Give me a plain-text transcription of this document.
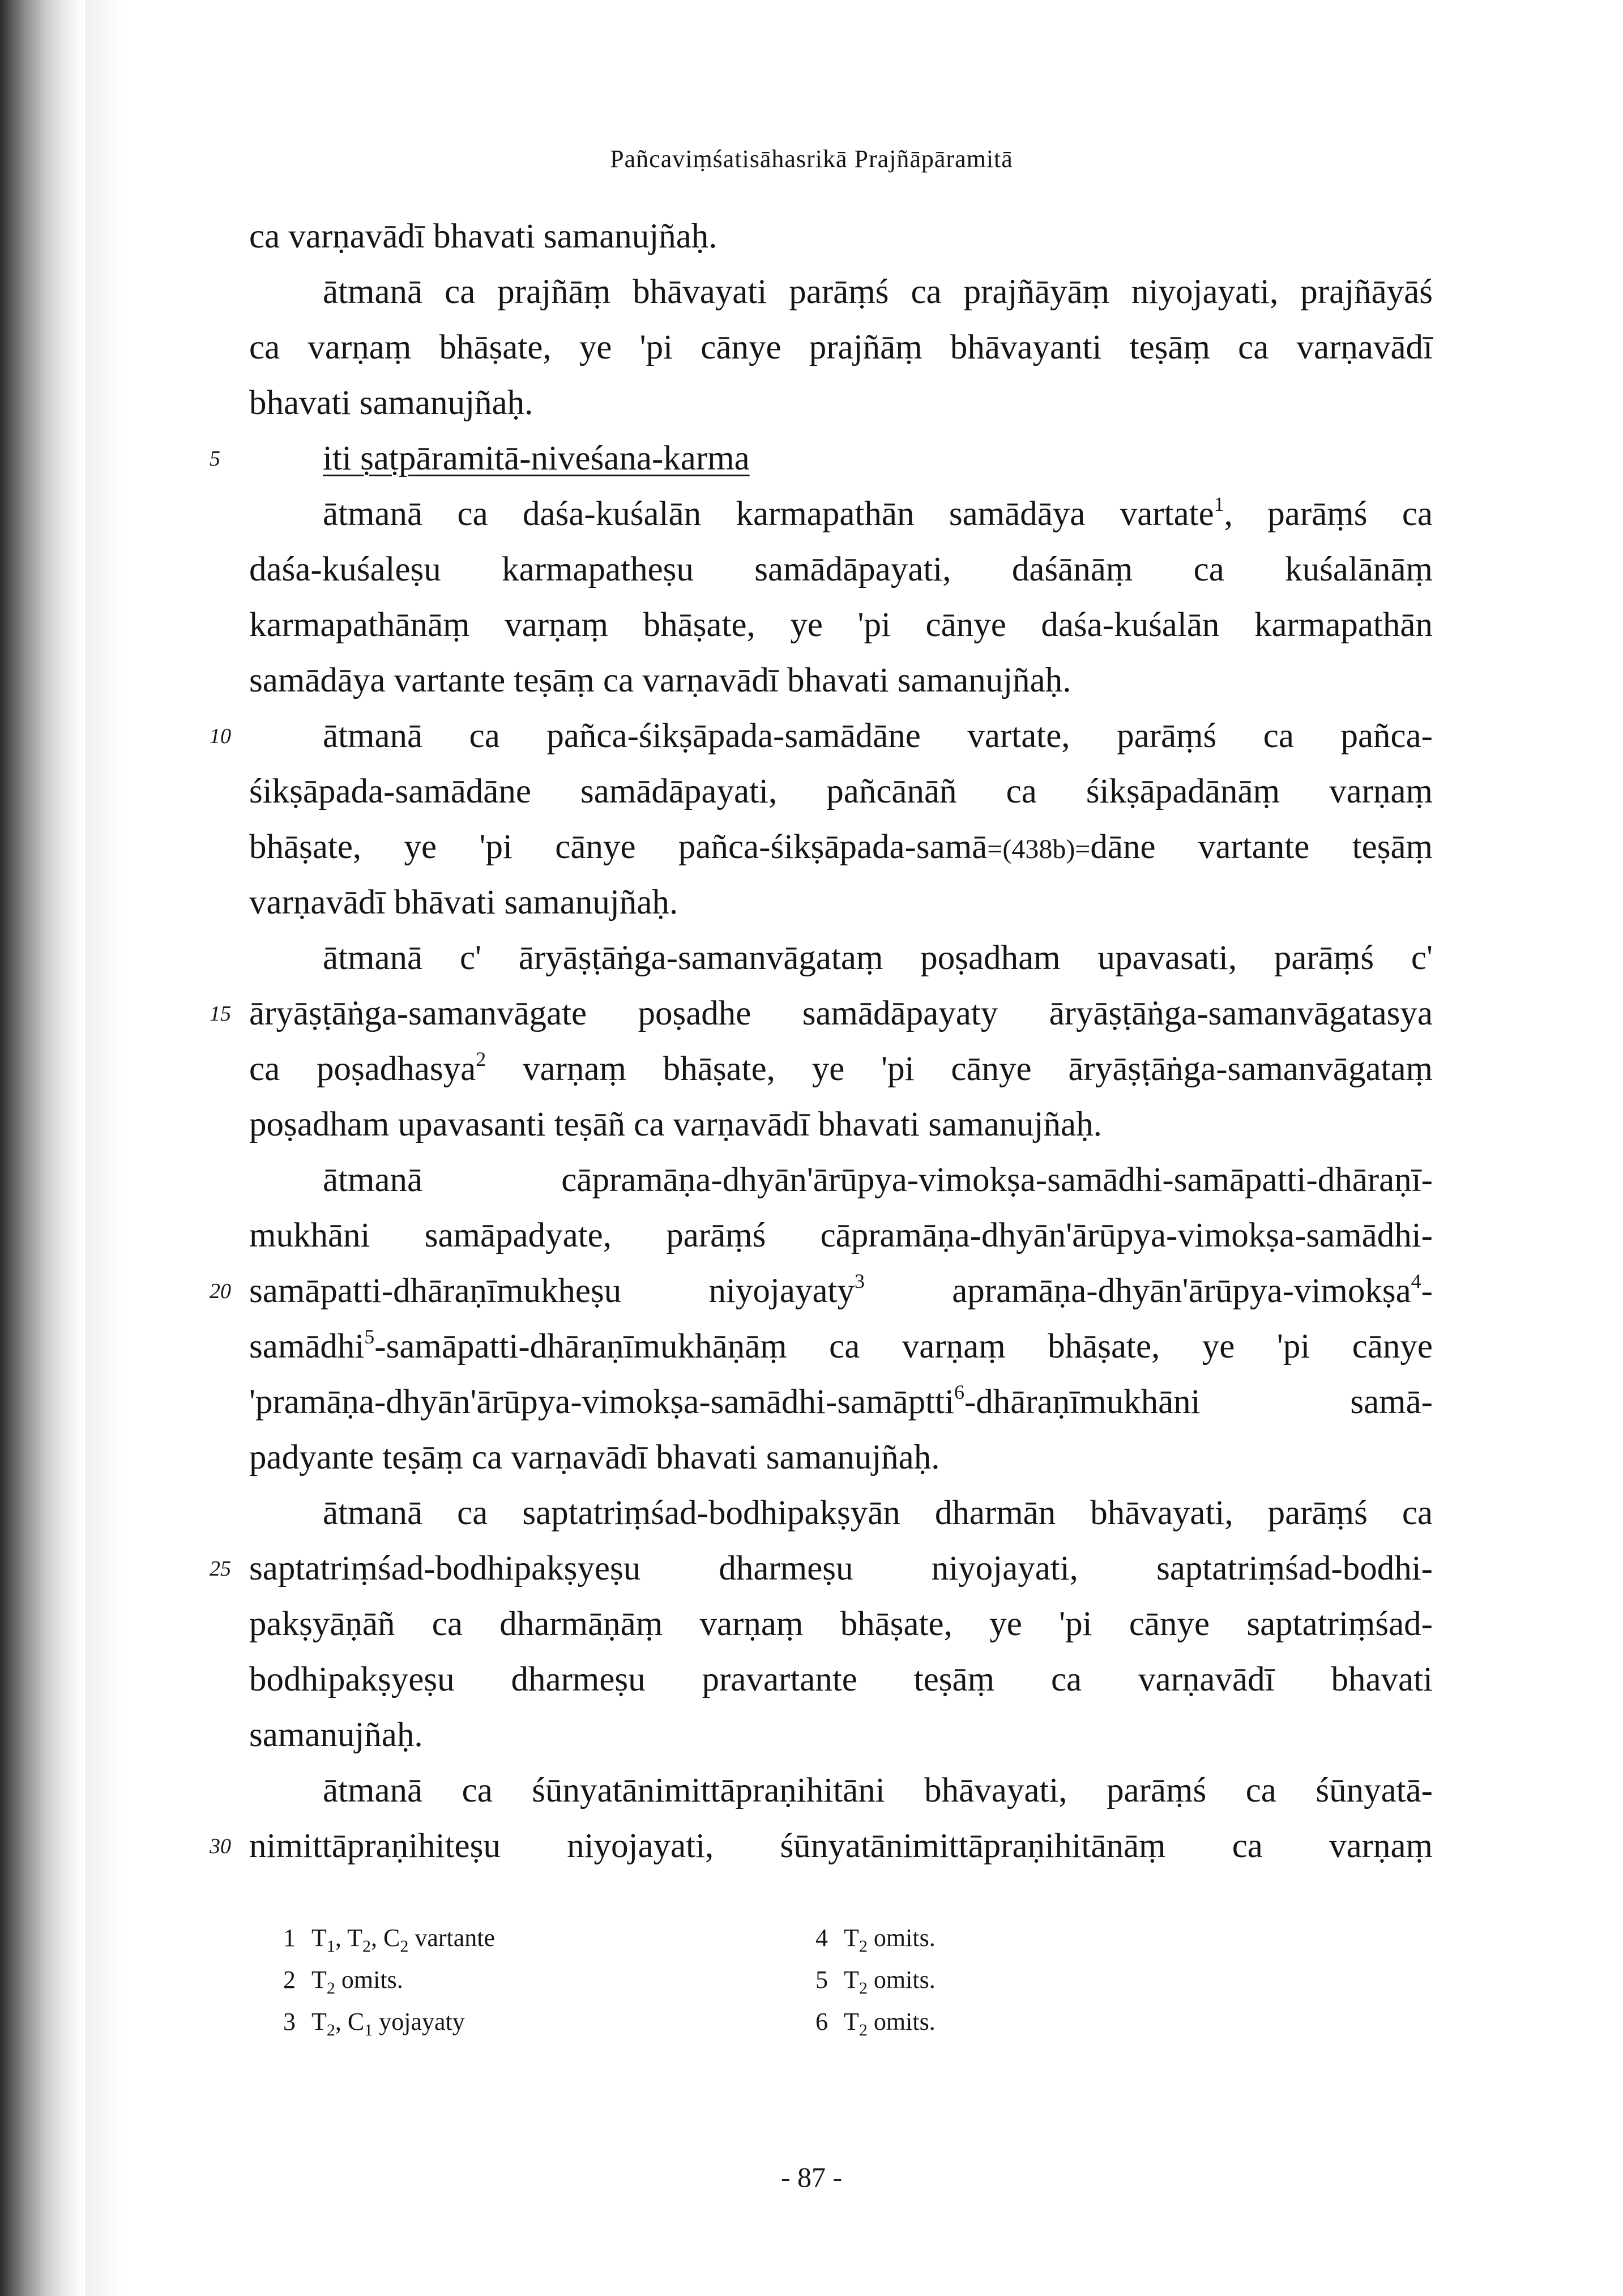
Pañcaviṃśatisāhasrikā Prajñāpāramitā
ca varṇavādī bhavati samanujñaḥ.
ātmanā ca prajñāṃ bhāvayati parāṃś ca prajñāyāṃ niyojayati, prajñāyāś
ca varṇaṃ bhāṣate, ye 'pi cānye prajñāṃ bhāvayanti teṣāṃ ca varṇavādī
bhavati samanujñaḥ.
iti ṣaṭpāramitā-niveśana-karma
ātmanā ca daśa-kuśalān karmapathān samādāya vartate$^1$, parāṃś ca
daśa-kuśaleṣu karmapatheṣu samādāpayati, daśānāṃ ca kuśalānāṃ
karmapathānāṃ varṇaṃ bhāṣate, ye 'pi cānye daśa-kuśalān karmapathān
samādāya vartante teṣāṃ ca varṇavādī bhavati samanujñaḥ.
ātmanā ca pañca-śikṣāpada-samādāne vartate, parāṃś ca pañca-
śikṣāpada-samādāne samādāpayati, pañcānāñ ca śikṣāpadānāṃ varṇaṃ
bhāṣate, ye 'pi cānye pañca-śikṣāpada-samā=(438b)=dāne vartante teṣāṃ
varṇavādī bhāvati samanujñaḥ.
ātmanā c' āryāṣṭāṅga-samanvāgataṃ poṣadham upavasati, parāṃś c'
āryāṣṭāṅga-samanvāgate poṣadhe samādāpayaty āryāṣṭāṅga-samanvāgatasya
ca poṣadhasya$^2$ varṇaṃ bhāṣate, ye 'pi cānye āryāṣṭāṅga-samanvāgataṃ
poṣadham upavasanti teṣāñ ca varṇavādī bhavati samanujñaḥ.
ātmanā cāpramāṇa-dhyān'ārūpya-vimokṣa-samādhi-samāpatti-dhāraṇī-
mukhāni samāpadyate, parāṃś cāpramāṇa-dhyān'ārūpya-vimokṣa-samādhi-
samāpatti-dhāraṇīmukheṣu niyojayaty$^3$ apramāṇa-dhyān'ārūpya-vimokṣa$^4$-
samādhi$^5$-samāpatti-dhāraṇīmukhāṇāṃ ca varṇaṃ bhāṣate, ye 'pi cānye
'pramāṇa-dhyān'ārūpya-vimokṣa-samādhi-samāptti$^6$-dhāraṇīmukhāni samā-
padyante teṣāṃ ca varṇavādī bhavati samanujñaḥ.
ātmanā ca saptatriṃśad-bodhipakṣyān dharmān bhāvayati, parāṃś ca
saptatriṃśad-bodhipakṣyeṣu dharmeṣu niyojayati, saptatriṃśad-bodhi-
pakṣyāṇāñ ca dharmāṇāṃ varṇaṃ bhāṣate, ye 'pi cānye saptatriṃśad-
bodhipakṣyeṣu dharmeṣu pravartante teṣāṃ ca varṇavādī bhavati
samanujñaḥ.
ātmanā ca śūnyatānimittāpraṇihitāni bhāvayati, parāṃś ca śūnyatā-
nimittāpraṇihiteṣu niyojayati, śūnyatānimittāpraṇihitānāṃ ca varṇaṃ
5
10
15
20
25
30
1 $T_1$, $T_2$, $C_2$ vartante
2 $T_2$ omits.
3 $T_2$, $C_1$ yojayaty
4 $T_2$ omits.
5 $T_2$ omits.
6 $T_2$ omits.
- 87 -
